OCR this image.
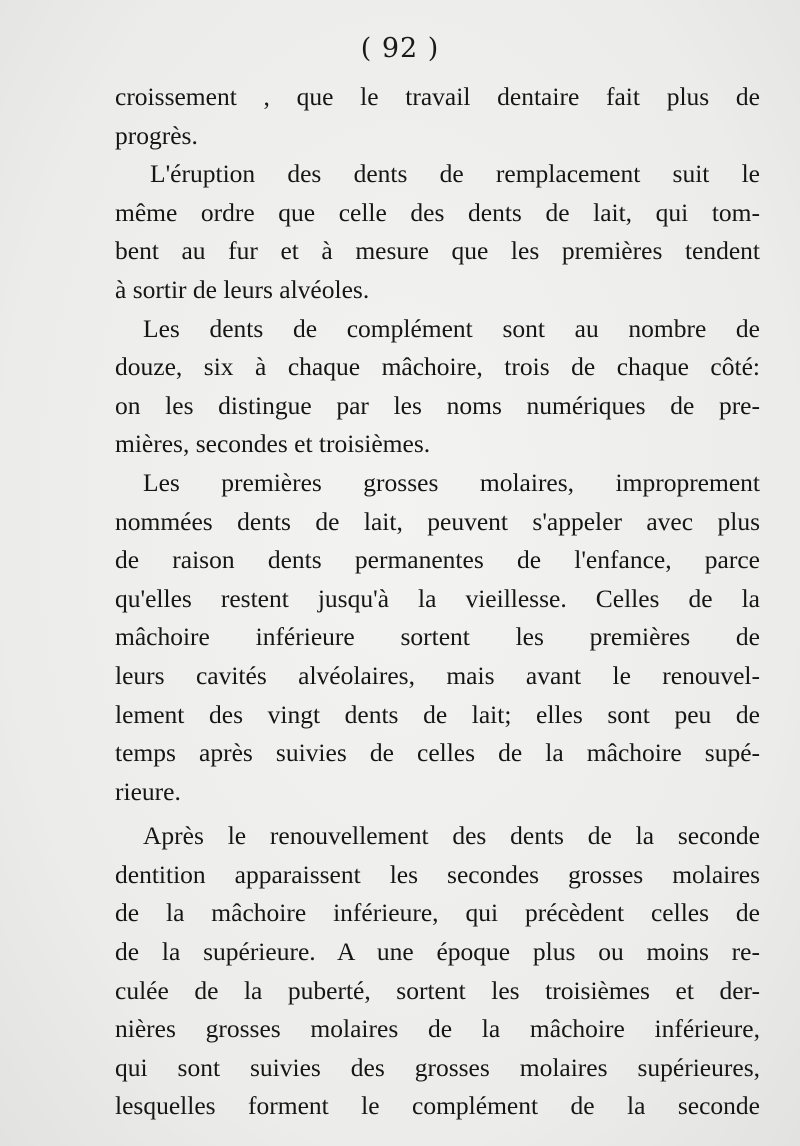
( 92 )
croissement , que le travail dentaire fait plus de
progrès.
L'éruption des dents de remplacement suit le
même ordre que celle des dents de lait, qui tom-
bent au fur et à mesure que les premières tendent
à sortir de leurs alvéoles.
Les dents de complément sont au nombre de
douze, six à chaque mâchoire, trois de chaque côté:
on les distingue par les noms numériques de pre-
mières, secondes et troisièmes.
Les premières grosses molaires, improprement
nommées dents de lait, peuvent s'appeler avec plus
de raison dents permanentes de l'enfance, parce
qu'elles restent jusqu'à la vieillesse. Celles de la
mâchoire inférieure sortent les premières de
leurs cavités alvéolaires, mais avant le renouvel-
lement des vingt dents de lait; elles sont peu de
temps après suivies de celles de la mâchoire supé-
rieure.
Après le renouvellement des dents de la seconde
dentition apparaissent les secondes grosses molaires
de la mâchoire inférieure, qui précèdent celles de
de la supérieure. A une époque plus ou moins re-
culée de la puberté, sortent les troisièmes et der-
nières grosses molaires de la mâchoire inférieure,
qui sont suivies des grosses molaires supérieures,
lesquelles forment le complément de la seconde
